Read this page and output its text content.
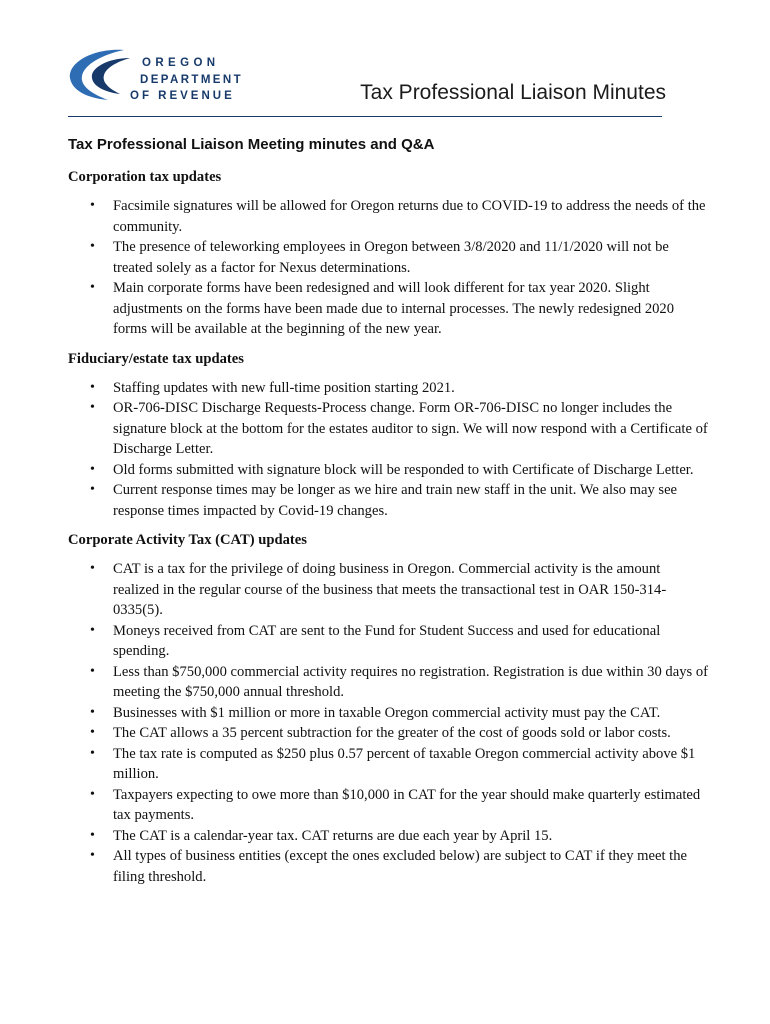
OREGON
DEPARTMENT
OF REVENUE	Tax Professional Liaison Minutes
Tax Professional Liaison Meeting minutes and Q&A
Corporation tax updates
• Facsimile signatures will be allowed for Oregon returns due to COVID-19 to address the needs of the community.
• The presence of teleworking employees in Oregon between 3/8/2020 and 11/1/2020 will not be treated solely as a factor for Nexus determinations.
• Main corporate forms have been redesigned and will look different for tax year 2020. Slight adjustments on the forms have been made due to internal processes. The newly redesigned 2020 forms will be available at the beginning of the new year.
Fiduciary/estate tax updates
• Staffing updates with new full-time position starting 2021.
• OR-706-DISC Discharge Requests-Process change. Form OR-706-DISC no longer includes the signature block at the bottom for the estates auditor to sign. We will now respond with a Certificate of Discharge Letter.
• Old forms submitted with signature block will be responded to with Certificate of Discharge Letter.
• Current response times may be longer as we hire and train new staff in the unit. We also may see response times impacted by Covid-19 changes.
Corporate Activity Tax (CAT) updates
• CAT is a tax for the privilege of doing business in Oregon. Commercial activity is the amount realized in the regular course of the business that meets the transactional test in OAR 150-314-0335(5).
• Moneys received from CAT are sent to the Fund for Student Success and used for educational spending.
• Less than $750,000 commercial activity requires no registration. Registration is due within 30 days of meeting the $750,000 annual threshold.
• Businesses with $1 million or more in taxable Oregon commercial activity must pay the CAT.
• The CAT allows a 35 percent subtraction for the greater of the cost of goods sold or labor costs.
• The tax rate is computed as $250 plus 0.57 percent of taxable Oregon commercial activity above $1 million.
• Taxpayers expecting to owe more than $10,000 in CAT for the year should make quarterly estimated tax payments.
• The CAT is a calendar-year tax. CAT returns are due each year by April 15.
• All types of business entities (except the ones excluded below) are subject to CAT if they meet the filing threshold.
